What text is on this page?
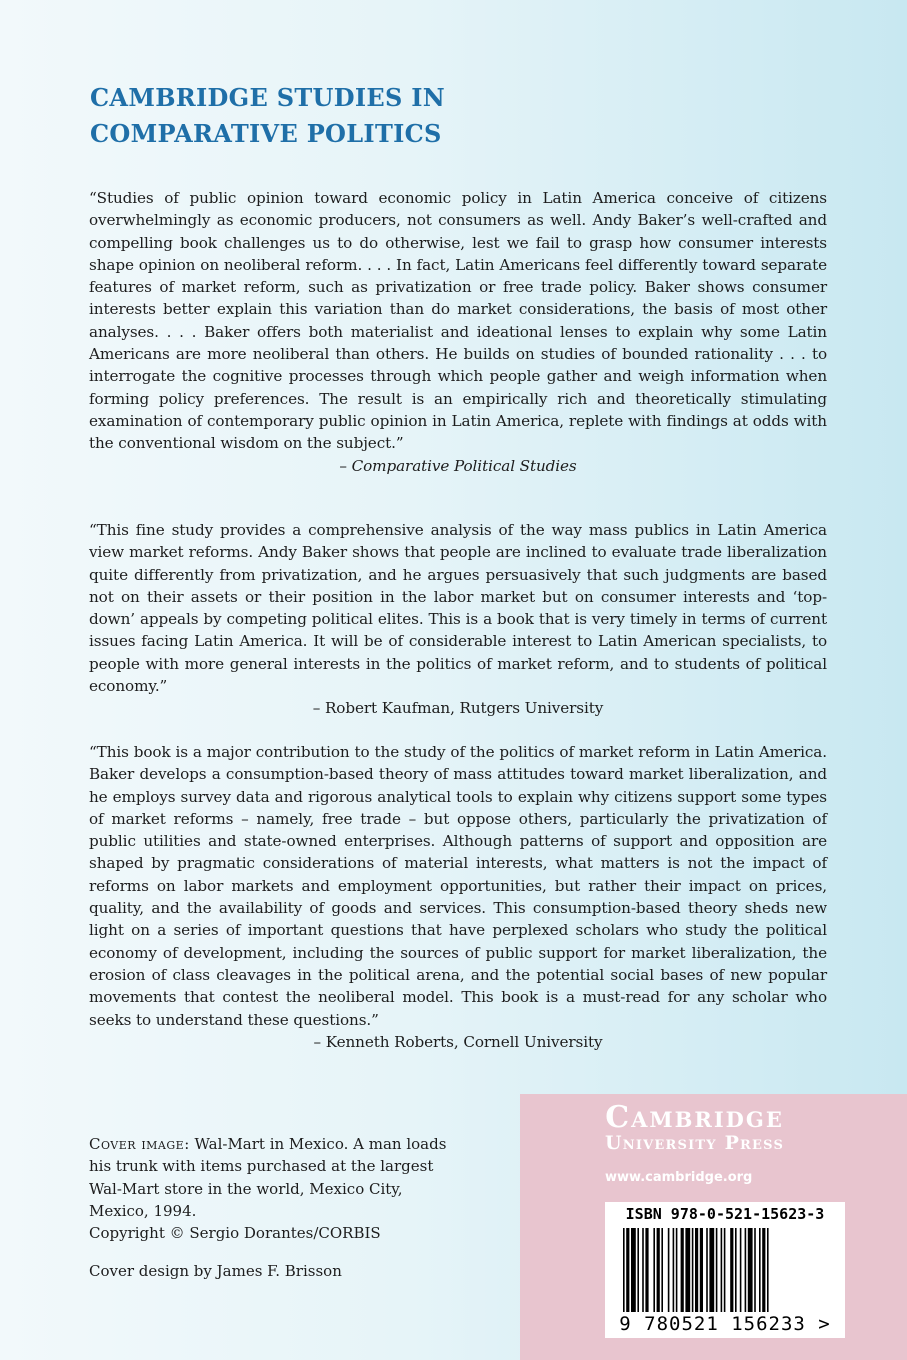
CAMBRIDGE STUDIES IN
COMPARATIVE POLITICS
“Studies of public opinion toward economic policy in Latin America conceive of citizens overwhelmingly as economic producers, not consumers as well. Andy Baker’s well-crafted and compelling book challenges us to do otherwise, lest we fail to grasp how consumer interests shape opinion on neoliberal reform. . . . In fact, Latin Americans feel differently toward separate features of market reform, such as privatization or free trade policy. Baker shows consumer interests better explain this variation than do market considerations, the basis of most other analyses. . . . Baker offers both materialist and ideational lenses to explain why some Latin Americans are more neoliberal than others. He builds on studies of bounded rationality . . . to interrogate the cognitive processes through which people gather and weigh information when forming policy preferences. The result is an empirically rich and theoretically stimulating examination of contemporary public opinion in Latin America, replete with findings at odds with the conventional wisdom on the subject.”
– Comparative Political Studies
“This fine study provides a comprehensive analysis of the way mass publics in Latin America view market reforms. Andy Baker shows that people are inclined to evaluate trade liberalization quite differently from privatization, and he argues persuasively that such judgments are based not on their assets or their position in the labor market but on consumer interests and ‘top-down’ appeals by competing political elites. This is a book that is very timely in terms of current issues facing Latin America. It will be of considerable interest to Latin American specialists, to people with more general interests in the politics of market reform, and to students of political economy.”
– Robert Kaufman, Rutgers University
“This book is a major contribution to the study of the politics of market reform in Latin America. Baker develops a consumption-based theory of mass attitudes toward market liberalization, and he employs survey data and rigorous analytical tools to explain why citizens support some types of market reforms – namely, free trade – but oppose others, particularly the privatization of public utilities and state-owned enterprises. Although patterns of support and opposition are shaped by pragmatic considerations of material interests, what matters is not the impact of reforms on labor markets and employment opportunities, but rather their impact on prices, quality, and the availability of goods and services. This consumption-based theory sheds new light on a series of important questions that have perplexed scholars who study the political economy of development, including the sources of public support for market liberalization, the erosion of class cleavages in the political arena, and the potential social bases of new popular movements that contest the neoliberal model. This book is a must-read for any scholar who seeks to understand these questions.”
– Kenneth Roberts, Cornell University
Cover image: Wal-Mart in Mexico. A man loads his trunk with items purchased at the largest Wal-Mart store in the world, Mexico City, Mexico, 1994.
Copyright © Sergio Dorantes/CORBIS
Cover design by James F. Brisson
Cambridge
University Press
www.cambridge.org
ISBN 978-0-521-15623-3
9 780521 156233 >
